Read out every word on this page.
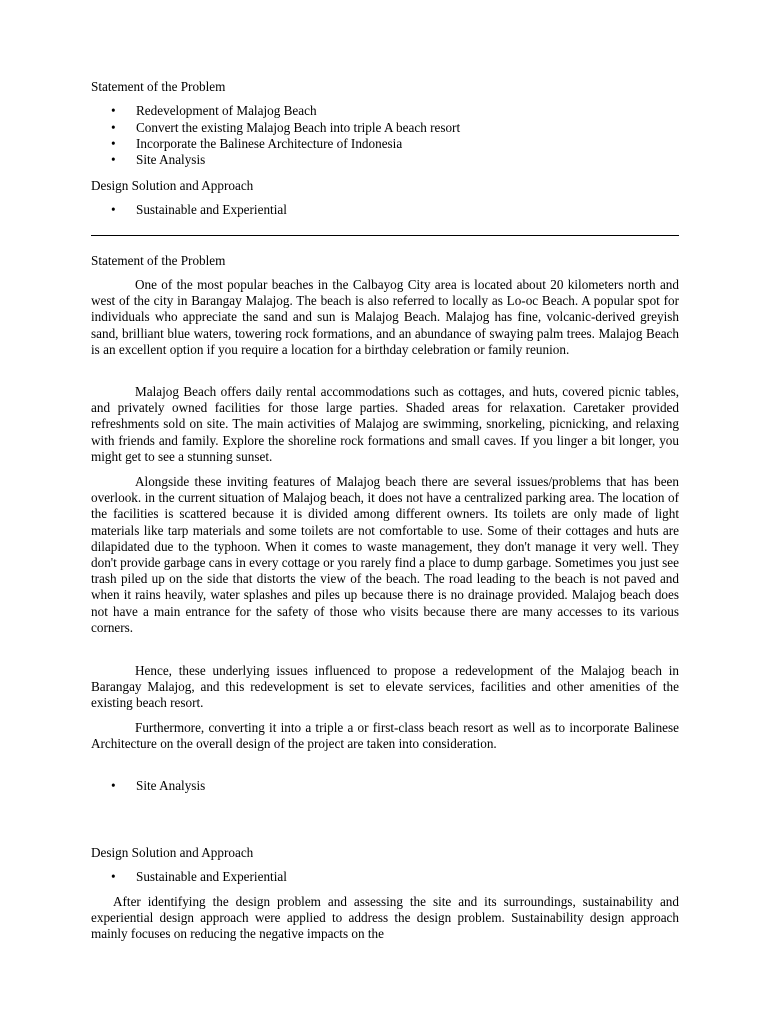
Statement of the Problem

•	Redevelopment of Malajog Beach
•	Convert the existing Malajog Beach into triple A beach resort
•	Incorporate the Balinese Architecture of Indonesia
•	Site Analysis

Design Solution and Approach

•	Sustainable and Experiential

Statement of the Problem

One of the most popular beaches in the Calbayog City area is located about 20 kilometers north and west of the city in Barangay Malajog. The beach is also referred to locally as Lo-oc Beach. A popular spot for individuals who appreciate the sand and sun is Malajog Beach. Malajog has fine, volcanic-derived greyish sand, brilliant blue waters, towering rock formations, and an abundance of swaying palm trees. Malajog Beach is an excellent option if you require a location for a birthday celebration or family reunion.

Malajog Beach offers daily rental accommodations such as cottages, and huts, covered picnic tables, and privately owned facilities for those large parties. Shaded areas for relaxation. Caretaker provided refreshments sold on site. The main activities of Malajog are swimming, snorkeling, picnicking, and relaxing with friends and family. Explore the shoreline rock formations and small caves. If you linger a bit longer, you might get to see a stunning sunset.

Alongside these inviting features of Malajog beach there are several issues/problems that has been overlook. in the current situation of Malajog beach, it does not have a centralized parking area. The location of the facilities is scattered because it is divided among different owners. Its toilets are only made of light materials like tarp materials and some toilets are not comfortable to use. Some of their cottages and huts are dilapidated due to the typhoon. When it comes to waste management, they don't manage it very well. They don't provide garbage cans in every cottage or you rarely find a place to dump garbage. Sometimes you just see trash piled up on the side that distorts the view of the beach. The road leading to the beach is not paved and when it rains heavily, water splashes and piles up because there is no drainage provided. Malajog beach does not have a main entrance for the safety of those who visits because there are many accesses to its various corners.

Hence, these underlying issues influenced to propose a redevelopment of the Malajog beach in Barangay Malajog, and this redevelopment is set to elevate services, facilities and other amenities of the existing beach resort.

Furthermore, converting it into a triple a or first-class beach resort as well as to incorporate Balinese Architecture on the overall design of the project are taken into consideration.

•	Site Analysis

Design Solution and Approach

•	Sustainable and Experiential

After identifying the design problem and assessing the site and its surroundings, sustainability and experiential design approach were applied to address the design problem. Sustainability design approach mainly focuses on reducing the negative impacts on the
